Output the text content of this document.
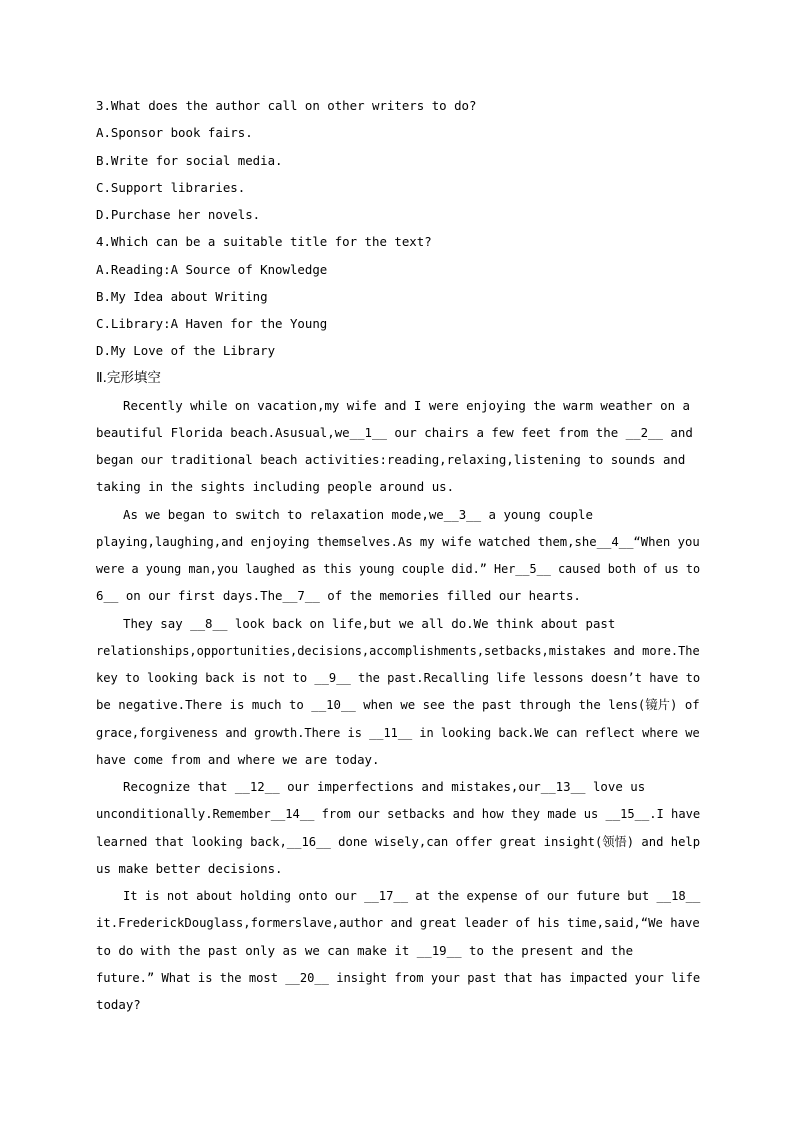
3.What does the author call on other writers to do?

A.Sponsor book fairs.

B.Write for social media.

C.Support libraries.

D.Purchase her novels.

4.Which can be a suitable title for the text?

A.Reading:A Source of Knowledge

B.My Idea about Writing

C.Library:A Haven for the Young

D.My Love of the Library

Ⅱ.完形填空

Recently while on vacation,my wife and I were enjoying the warm weather on a

beautiful Florida beach.Asusual,we__1__ our chairs a few feet from the __2__ and

began our traditional beach activities:reading,relaxing,listening to sounds and

taking in the sights including people around us.

As we began to switch to relaxation mode,we__3__ a young couple

playing,laughing,and enjoying themselves.As my wife watched them,she__4__“When you

were a young man,you laughed as this young couple did.” Her__5__ caused both of us to

6__ on our first days.The__7__ of the memories filled our hearts.

They say __8__ look back on life,but we all do.We think about past

relationships,opportunities,decisions,accomplishments,setbacks,mistakes and more.The

key to looking back is not to __9__ the past.Recalling life lessons doesn’t have to

be negative.There is much to __10__ when we see the past through the lens(镜片) of

grace,forgiveness and growth.There is __11__ in looking back.We can reflect where we

have come from and where we are today.

Recognize that __12__ our imperfections and mistakes,our__13__ love us

unconditionally.Remember__14__ from our setbacks and how they made us __15__.I have

learned that looking back,__16__ done wisely,can offer great insight(领悟) and help

us make better decisions.

It is not about holding onto our __17__ at the expense of our future but __18__

it.FrederickDouglass,formerslave,author and great leader of his time,said,“We have

to do with the past only as we can make it __19__ to the present and the

future.” What is the most __20__ insight from your past that has impacted your life

today?
